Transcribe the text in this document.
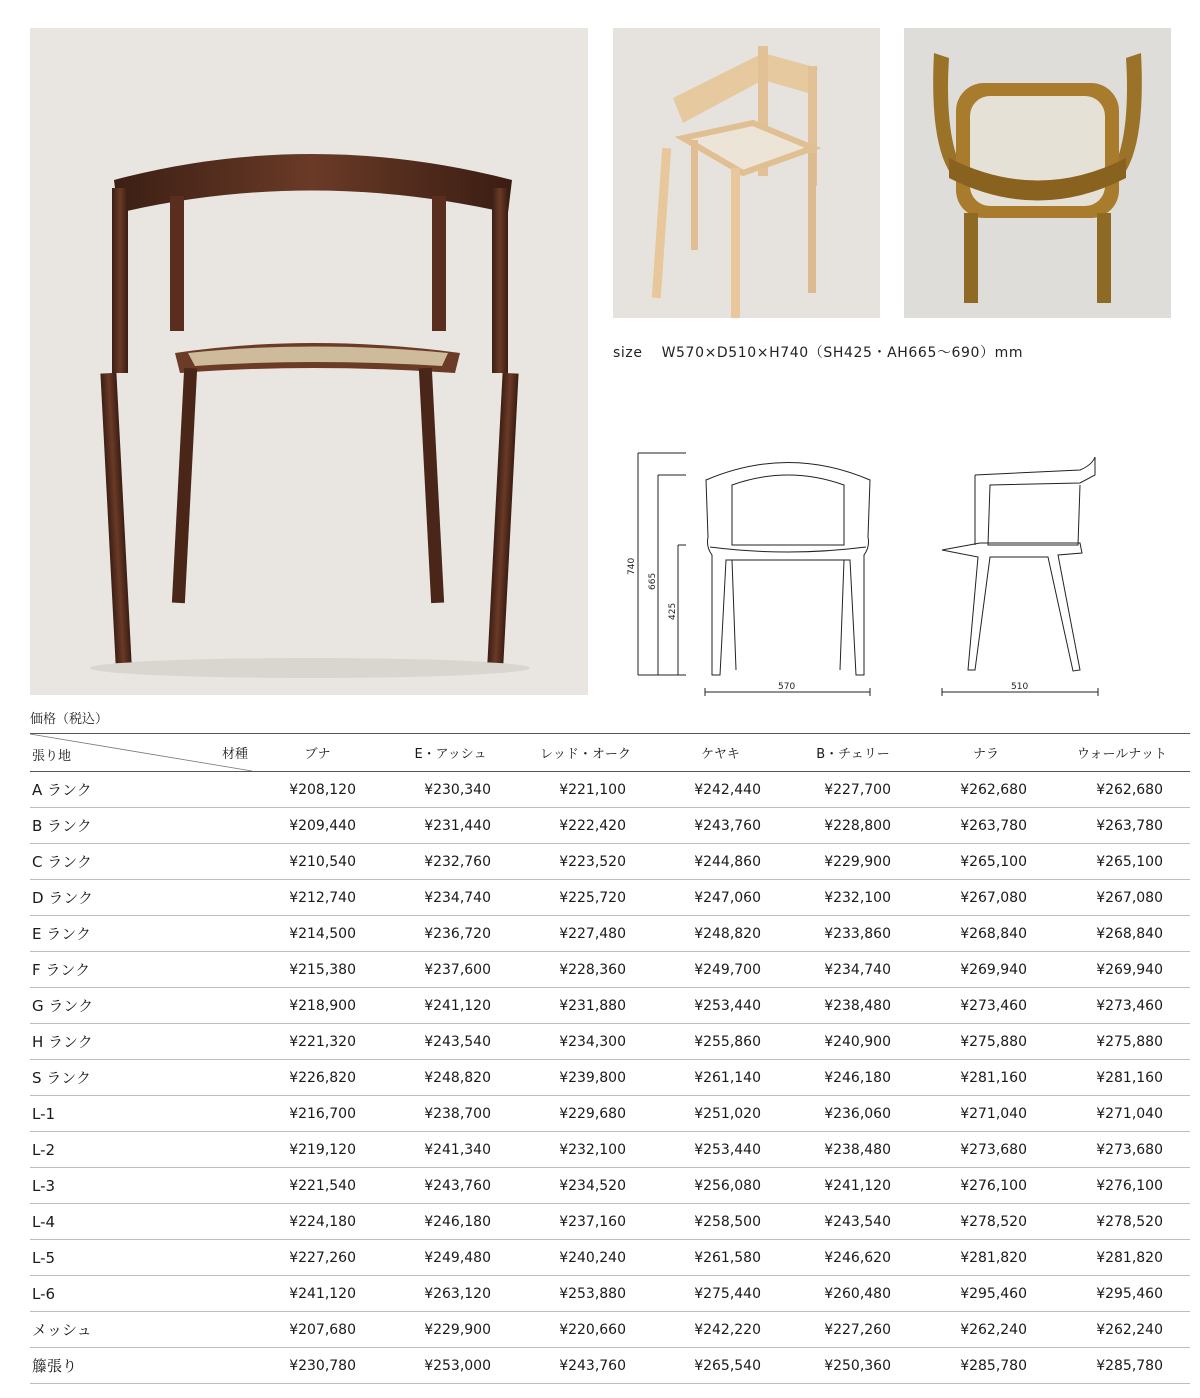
size W570×D510×H740（SH425・AH665〜690）mm
740
665
425
570	510
価格（税込）
張り地 材種	ブナ	E・アッシュ	レッド・オーク	ケヤキ	B・チェリー	ナラ	ウォールナット
A ランク	¥208,120	¥230,340	¥221,100	¥242,440	¥227,700	¥262,680	¥262,680
B ランク	¥209,440	¥231,440	¥222,420	¥243,760	¥228,800	¥263,780	¥263,780
C ランク	¥210,540	¥232,760	¥223,520	¥244,860	¥229,900	¥265,100	¥265,100
D ランク	¥212,740	¥234,740	¥225,720	¥247,060	¥232,100	¥267,080	¥267,080
E ランク	¥214,500	¥236,720	¥227,480	¥248,820	¥233,860	¥268,840	¥268,840
F ランク	¥215,380	¥237,600	¥228,360	¥249,700	¥234,740	¥269,940	¥269,940
G ランク	¥218,900	¥241,120	¥231,880	¥253,440	¥238,480	¥273,460	¥273,460
H ランク	¥221,320	¥243,540	¥234,300	¥255,860	¥240,900	¥275,880	¥275,880
S ランク	¥226,820	¥248,820	¥239,800	¥261,140	¥246,180	¥281,160	¥281,160
L-1	¥216,700	¥238,700	¥229,680	¥251,020	¥236,060	¥271,040	¥271,040
L-2	¥219,120	¥241,340	¥232,100	¥253,440	¥238,480	¥273,680	¥273,680
L-3	¥221,540	¥243,760	¥234,520	¥256,080	¥241,120	¥276,100	¥276,100
L-4	¥224,180	¥246,180	¥237,160	¥258,500	¥243,540	¥278,520	¥278,520
L-5	¥227,260	¥249,480	¥240,240	¥261,580	¥246,620	¥281,820	¥281,820
L-6	¥241,120	¥263,120	¥253,880	¥275,440	¥260,480	¥295,460	¥295,460
メッシュ	¥207,680	¥229,900	¥220,660	¥242,220	¥227,260	¥262,240	¥262,240
籐張り	¥230,780	¥253,000	¥243,760	¥265,540	¥250,360	¥285,780	¥285,780
